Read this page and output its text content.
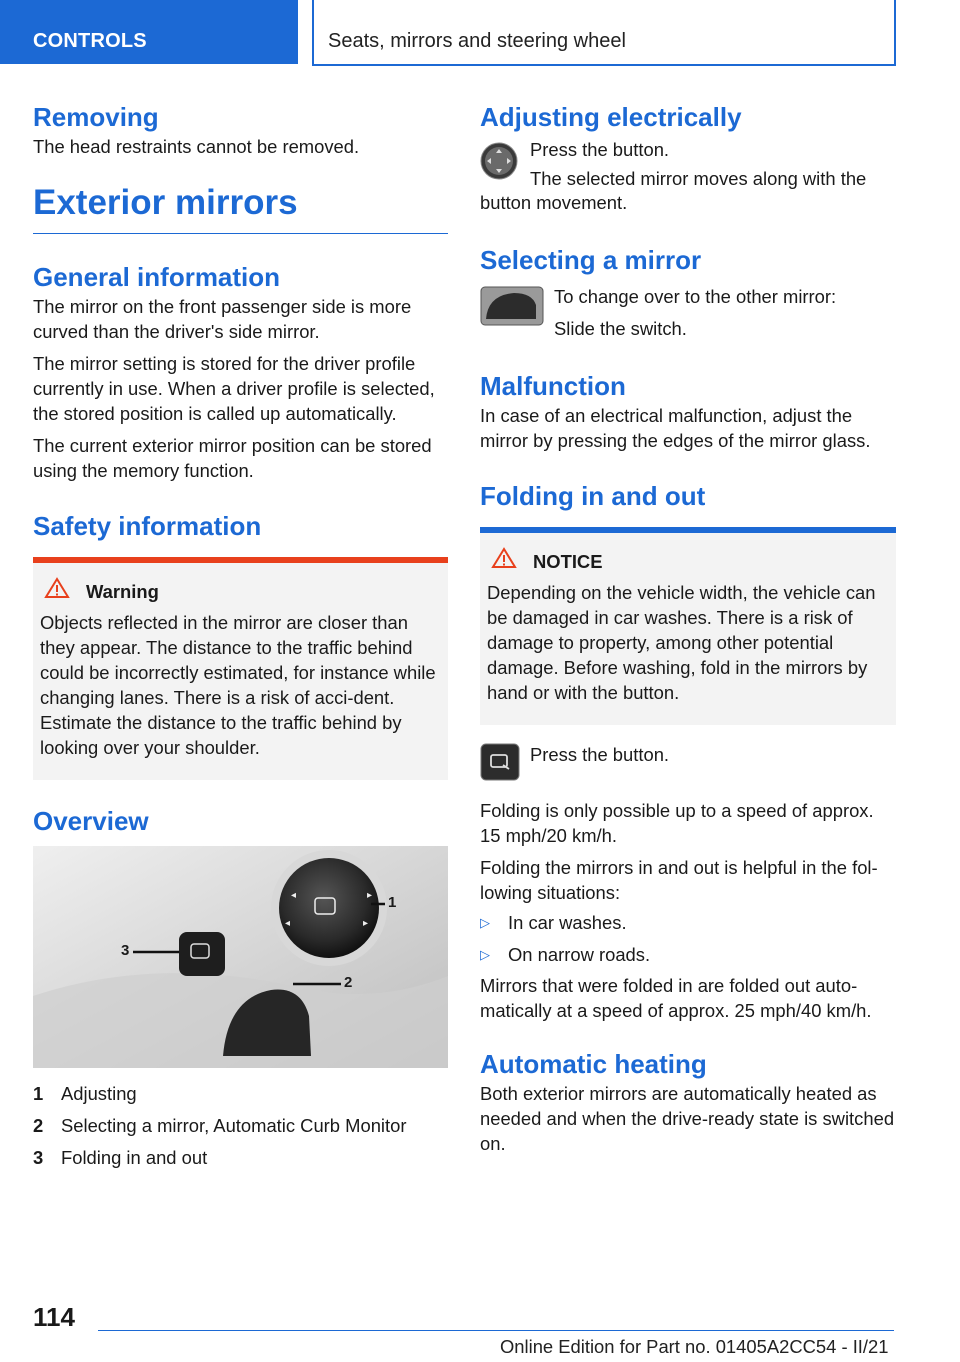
CONTROLS	Seats, mirrors and steering wheel
Removing

The head restraints cannot be removed.

Exterior mirrors
General information

The mirror on the front passenger side is more curved than the driver's side mirror.

The mirror setting is stored for the driver profile currently in use. When a driver profile is selected, the stored position is called up automatically.

The current exterior mirror position can be stored using the memory function.

Safety information
Warning
Objects reflected in the mirror are closer than they appear. The distance to the traffic behind could be incorrectly estimated, for instance while changing lanes. There is a risk of acci-dent. Estimate the distance to the traffic behind by looking over your shoulder.
Overview
◂
◂
▸
▸
1
2
3
1 Adjusting
2 Selecting a mirror, Automatic Curb Monitor
3 Folding in and out
Adjusting electrically
Press the button.
The selected mirror moves along with the

button movement.

Selecting a mirror
To change over to the other mirror:
Slide the switch.
Malfunction

In case of an electrical malfunction, adjust the mirror by pressing the edges of the mirror glass.

Folding in and out
NOTICE
Depending on the vehicle width, the vehicle can be damaged in car washes. There is a risk of damage to property, among other potential damage. Before washing, fold in the mirrors by hand or with the button.
Press the button.

Folding is only possible up to a speed of approx. 15 mph/20 km/h.

Folding the mirrors in and out is helpful in the fol-lowing situations:

▷ In car washes.
▷ On narrow roads.

Mirrors that were folded in are folded out auto-matically at a speed of approx. 25 mph/40 km/h.

Automatic heating

Both exterior mirrors are automatically heated as needed and when the drive-ready state is switched on.

114
Online Edition for Part no. 01405A2CC54 - II/21
